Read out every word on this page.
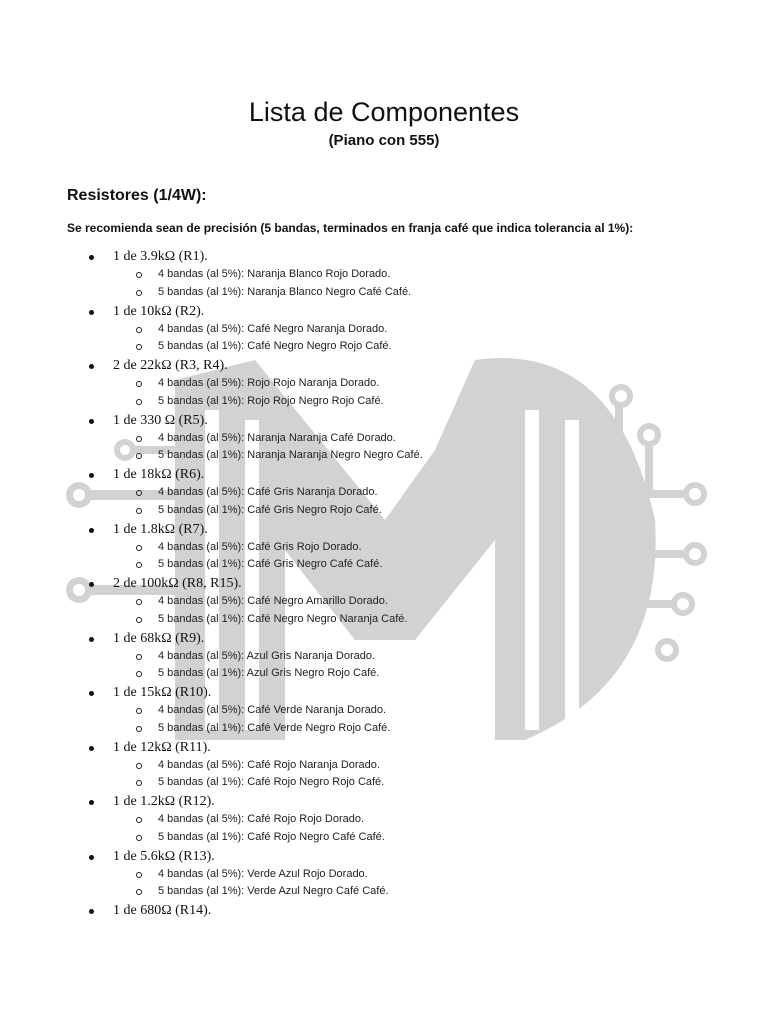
Lista de Componentes
(Piano con 555)
Resistores (1/4W):
Se recomienda sean de precisión (5 bandas, terminados en franja café que indica tolerancia al 1%):
1 de 3.9kΩ (R1).
4 bandas (al 5%): Naranja Blanco Rojo Dorado.
5 bandas (al 1%): Naranja Blanco Negro Café Café.
1 de 10kΩ (R2).
4 bandas (al 5%): Café Negro Naranja Dorado.
5 bandas (al 1%): Café Negro Negro Rojo Café.
2 de 22kΩ (R3, R4).
4 bandas (al 5%): Rojo Rojo Naranja Dorado.
5 bandas (al 1%): Rojo Rojo Negro Rojo Café.
1 de 330 Ω (R5).
4 bandas (al 5%): Naranja Naranja Café Dorado.
5 bandas (al 1%): Naranja Naranja Negro Negro Café.
1 de 18kΩ (R6).
4 bandas (al 5%): Café Gris Naranja Dorado.
5 bandas (al 1%): Café Gris Negro Rojo Café.
1 de 1.8kΩ (R7).
4 bandas (al 5%): Café Gris Rojo Dorado.
5 bandas (al 1%): Café Gris Negro Café Café.
2 de 100kΩ (R8, R15).
4 bandas (al 5%): Café Negro Amarillo Dorado.
5 bandas (al 1%): Café Negro Negro Naranja Café.
1 de 68kΩ (R9).
4 bandas (al 5%): Azul Gris Naranja Dorado.
5 bandas (al 1%): Azul Gris Negro Rojo Café.
1 de 15kΩ (R10).
4 bandas (al 5%): Café Verde Naranja Dorado.
5 bandas (al 1%): Café Verde Negro Rojo Café.
1 de 12kΩ (R11).
4 bandas (al 5%): Café Rojo Naranja Dorado.
5 bandas (al 1%): Café Rojo Negro Rojo Café.
1 de 1.2kΩ (R12).
4 bandas (al 5%): Café Rojo Rojo Dorado.
5 bandas (al 1%): Café Rojo Negro Café Café.
1 de 5.6kΩ (R13).
4 bandas (al 5%): Verde Azul Rojo Dorado.
5 bandas (al 1%): Verde Azul Negro Café Café.
1 de 680Ω (R14).
